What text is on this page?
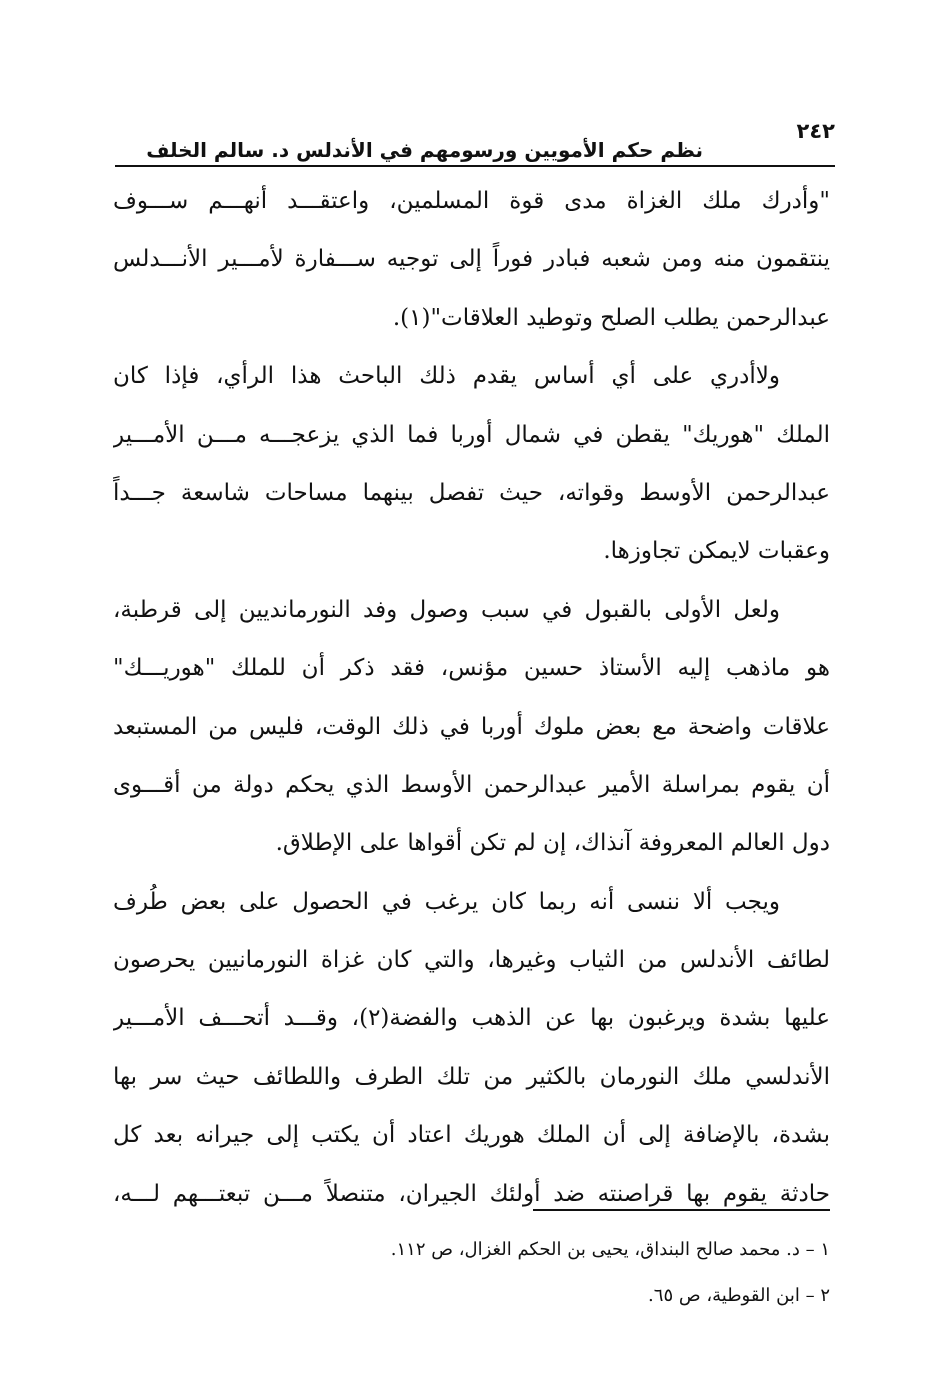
٢٤٢
نظم حكم الأمويين ورسومهم في الأندلس د. سالم الخلف
"وأدرك ملك الغزاة مدى قوة المسلمين، واعتقـــد أنهـــم ســـوف
ينتقمون منه ومن شعبه فبادر فوراً إلى توجيه ســـفارة لأمـــير الأنـــدلس
عبدالرحمن يطلب الصلح وتوطيد العلاقات"(١).
ولاأدري على أي أساس يقدم ذلك الباحث هذا الرأي، فإذا كان
الملك "هوريك" يقطن في شمال أوربا فما الذي يزعجـــه مـــن الأمـــير
عبدالرحمن الأوسط وقواته، حيث تفصل بينهما مساحات شاسعة جـــداً
وعقبات لايمكن تجاوزها.
ولعل الأولى بالقبول في سبب وصول وفد النورمانديين إلى قرطبة،
هو ماذهب إليه الأستاذ حسين مؤنس، فقد ذكر أن للملك "هوريـــك"
علاقات واضحة مع بعض ملوك أوربا في ذلك الوقت، فليس من المستبعد
أن يقوم بمراسلة الأمير عبدالرحمن الأوسط الذي يحكم دولة من أقـــوى
دول العالم المعروفة آنذاك، إن لم تكن أقواها على الإطلاق.
ويجب ألا ننسى أنه ربما كان يرغب في الحصول على بعض طُرف
لطائف الأندلس من الثياب وغيرها، والتي كان غزاة النورمانيين يحرصون
عليها بشدة ويرغبون بها عن الذهب والفضة(٢)، وقـــد أتحـــف الأمـــير
الأندلسي ملك النورمان بالكثير من تلك الطرف واللطائف حيث سر بها
بشدة، بالإضافة إلى أن الملك هوريك اعتاد أن يكتب إلى جيرانه بعد كل
حادثة يقوم بها قراصنته ضد أولئك الجيران، متنصلاً مـــن تبعتـــهم لـــه،
١ – د. محمد صالح البنداق، يحيى بن الحكم الغزال، ص ١١٢.
٢ – ابن القوطية، ص ٦٥.
